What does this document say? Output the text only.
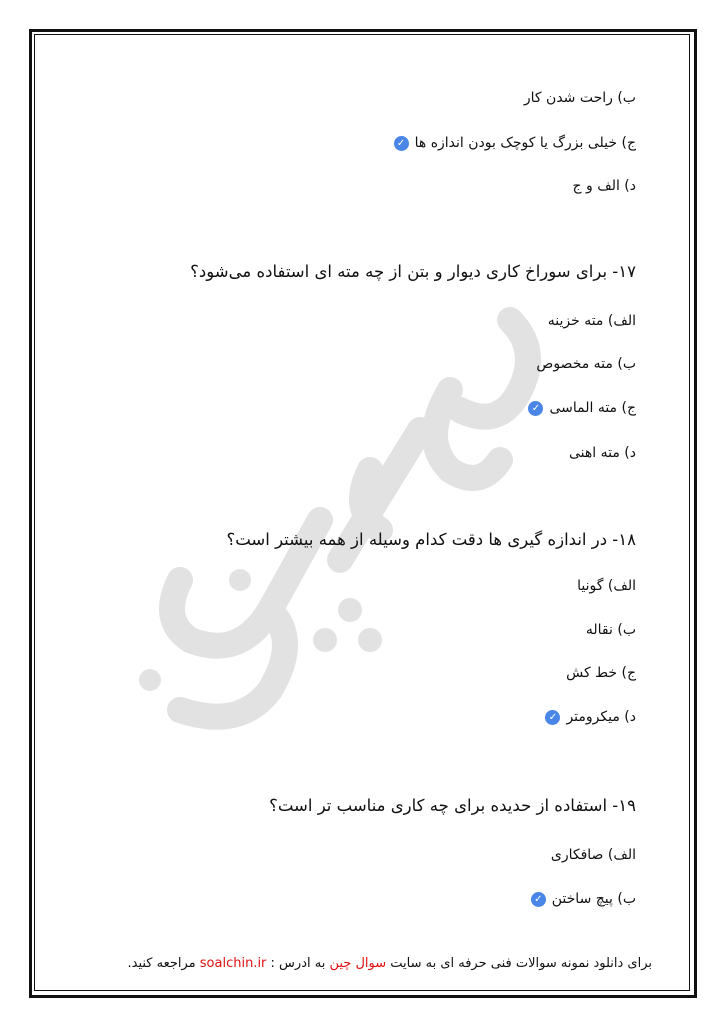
ب) راحت شدن کار
ج) خیلی بزرگ یا کوچک بودن اندازه ها✓
د) الف و ج
۱۷- برای سوراخ کاری دیوار و بتن از چه مته ای استفاده می‌شود؟
الف) مته خزینه
ب) مته مخصوص
ج) مته الماسی✓
د) مته اهنی
۱۸- در اندازه گیری ها دقت کدام وسیله از همه بیشتر است؟
الف) گونیا
ب) نقاله
ج) خط کش
د) میکرومتر✓
۱۹- استفاده از حدیده برای چه کاری مناسب تر است؟
الف) صافکاری
ب) پیچ ساختن✓
برای دانلود نمونه سوالات فنی حرفه ای به سایت سوال چین به ادرس : soalchin.ir مراجعه کنید.
